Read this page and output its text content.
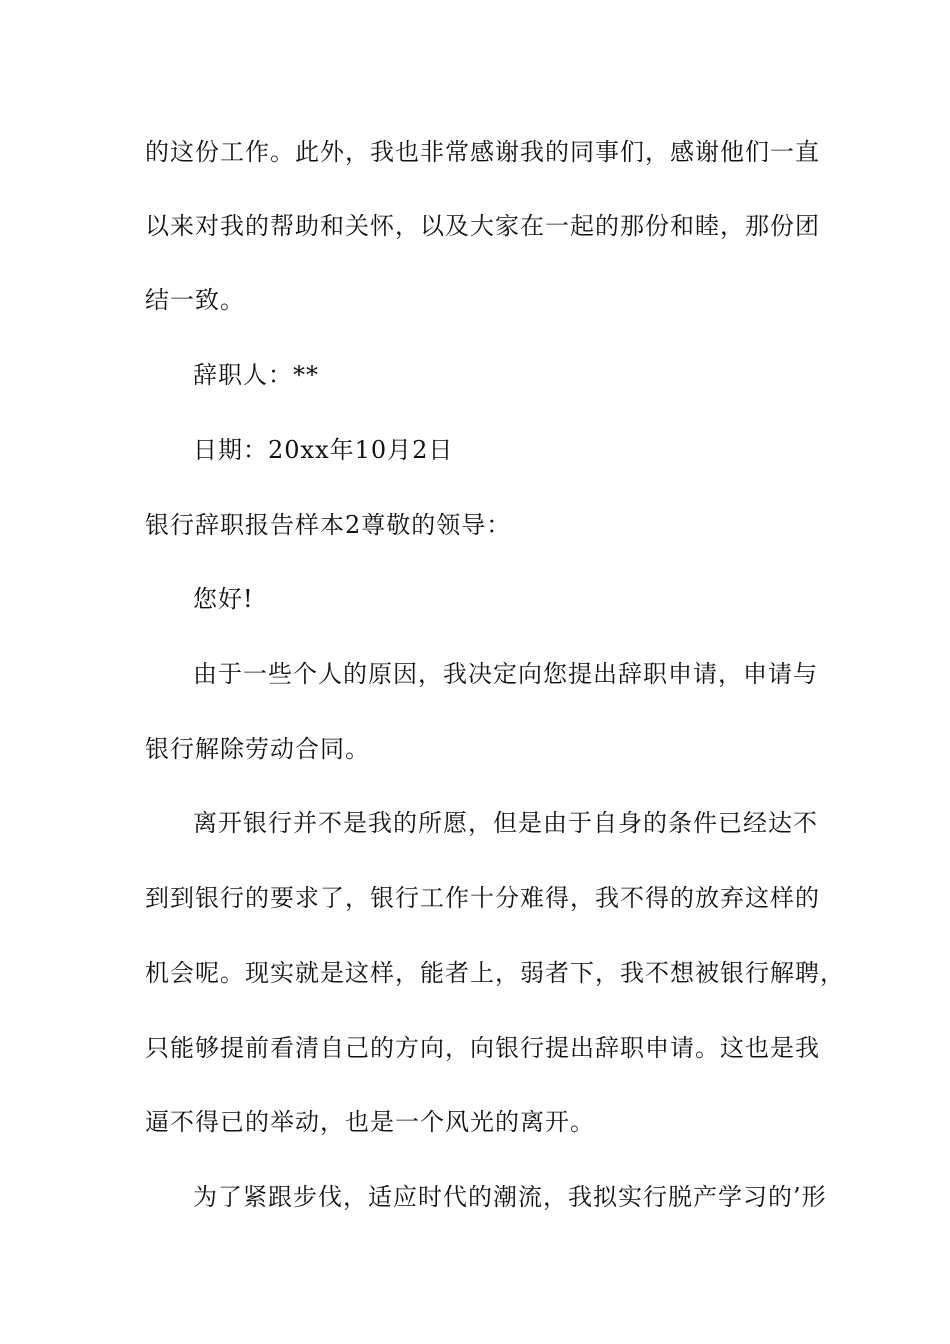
的这份工作。此外，我也非常感谢我的同事们，感谢他们一直
以来对我的帮助和关怀，以及大家在一起的那份和睦，那份团
结一致。
辞职人：**
日期：20xx年10月2日
银行辞职报告样本2尊敬的领导：
您好!
由于一些个人的原因，我决定向您提出辞职申请，申请与
银行解除劳动合同。
离开银行并不是我的所愿，但是由于自身的条件已经达不
到到银行的要求了，银行工作十分难得，我不得的放弃这样的
机会呢。现实就是这样，能者上，弱者下，我不想被银行解聘，
只能够提前看清自己的方向，向银行提出辞职申请。这也是我
逼不得已的举动，也是一个风光的离开。
为了紧跟步伐，适应时代的潮流，我拟实行脱产学习的’形
